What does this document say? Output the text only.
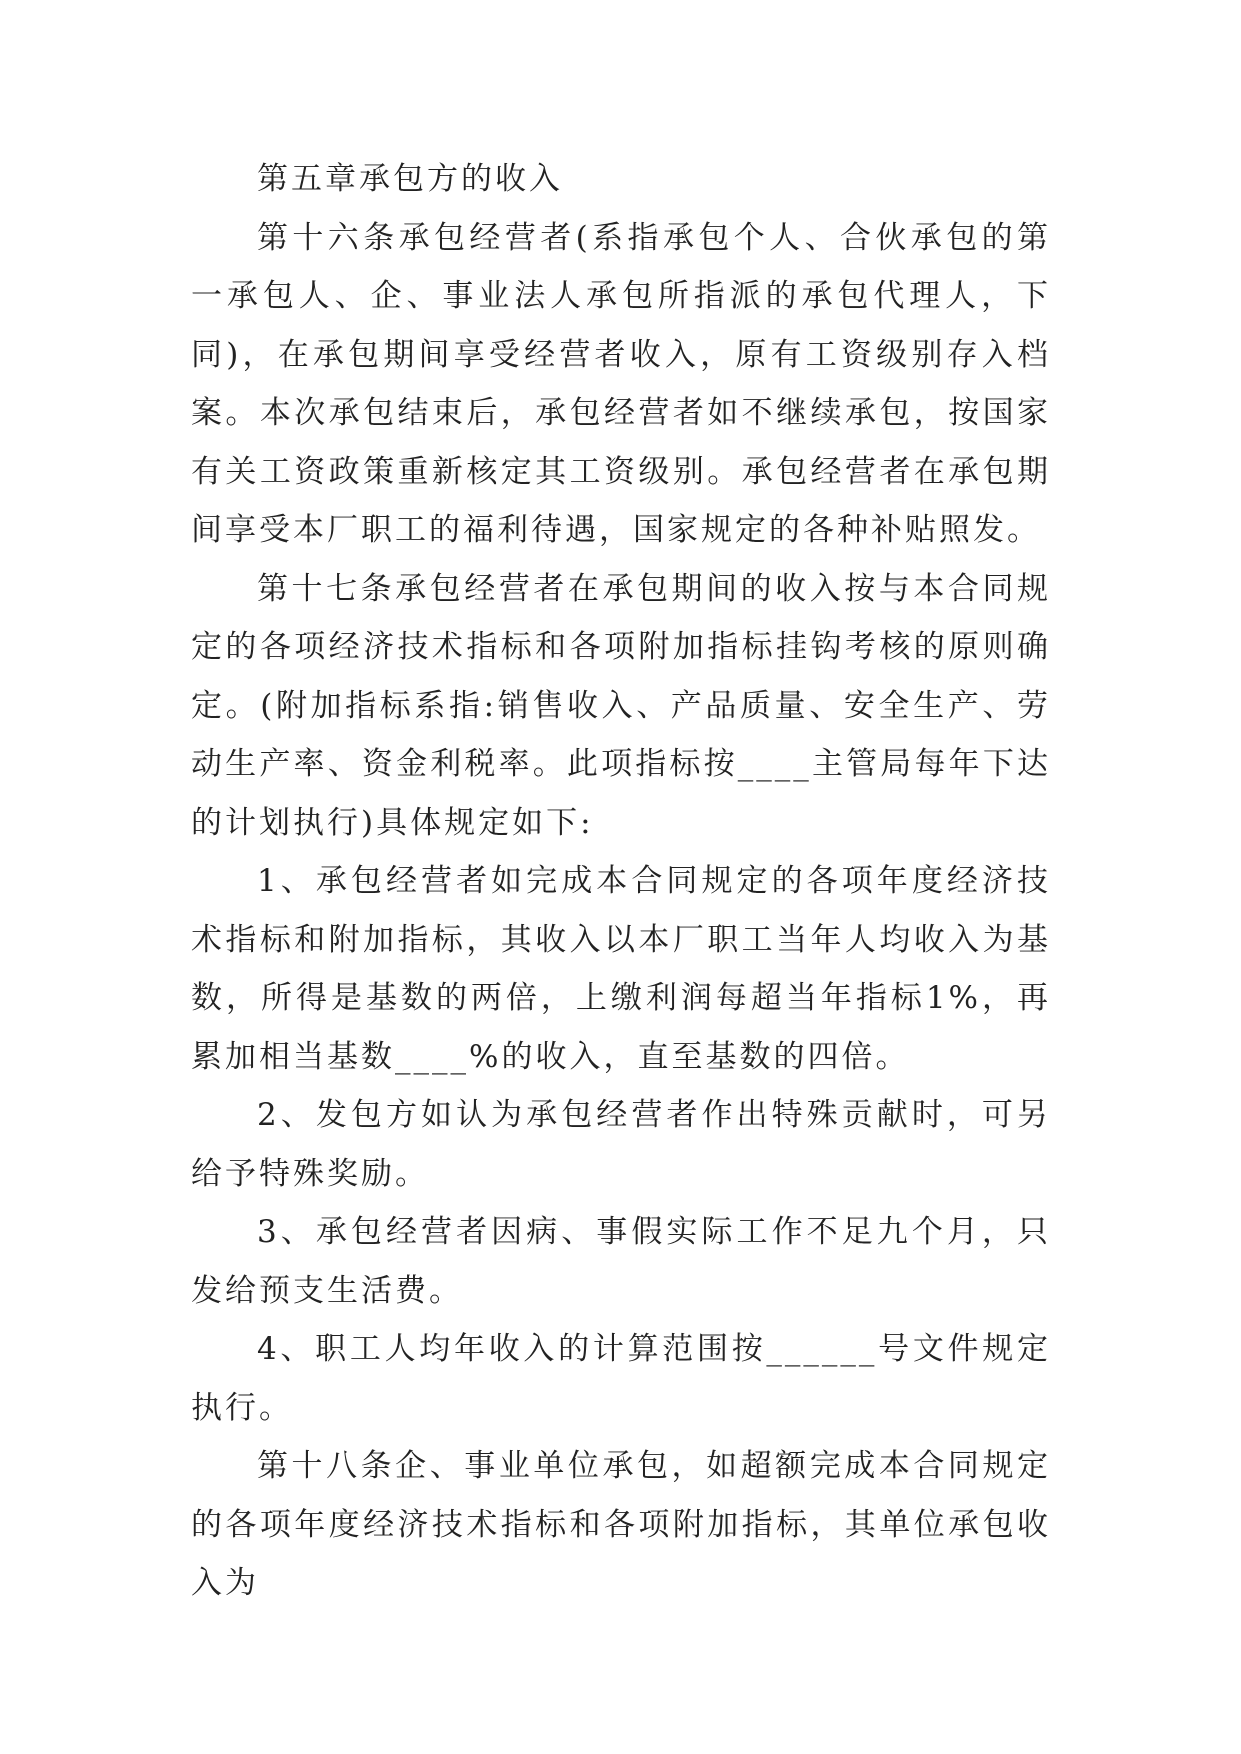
第五章承包方的收入

第十六条承包经营者(系指承包个人、合伙承包的第一承包人、企、事业法人承包所指派的承包代理人，下同)，在承包期间享受经营者收入，原有工资级别存入档案。本次承包结束后，承包经营者如不继续承包，按国家有关工资政策重新核定其工资级别。承包经营者在承包期间享受本厂职工的福利待遇，国家规定的各种补贴照发。

第十七条承包经营者在承包期间的收入按与本合同规定的各项经济技术指标和各项附加指标挂钩考核的原则确定。(附加指标系指:销售收入、产品质量、安全生产、劳动生产率、资金利税率。此项指标按____主管局每年下达的计划执行)具体规定如下:

1、承包经营者如完成本合同规定的各项年度经济技术指标和附加指标，其收入以本厂职工当年人均收入为基数，所得是基数的两倍，上缴利润每超当年指标1%，再累加相当基数____%的收入，直至基数的四倍。

2、发包方如认为承包经营者作出特殊贡献时，可另给予特殊奖励。

3、承包经营者因病、事假实际工作不足九个月，只发给预支生活费。

4、职工人均年收入的计算范围按______号文件规定执行。

第十八条企、事业单位承包，如超额完成本合同规定的各项年度经济技术指标和各项附加指标，其单位承包收入为
